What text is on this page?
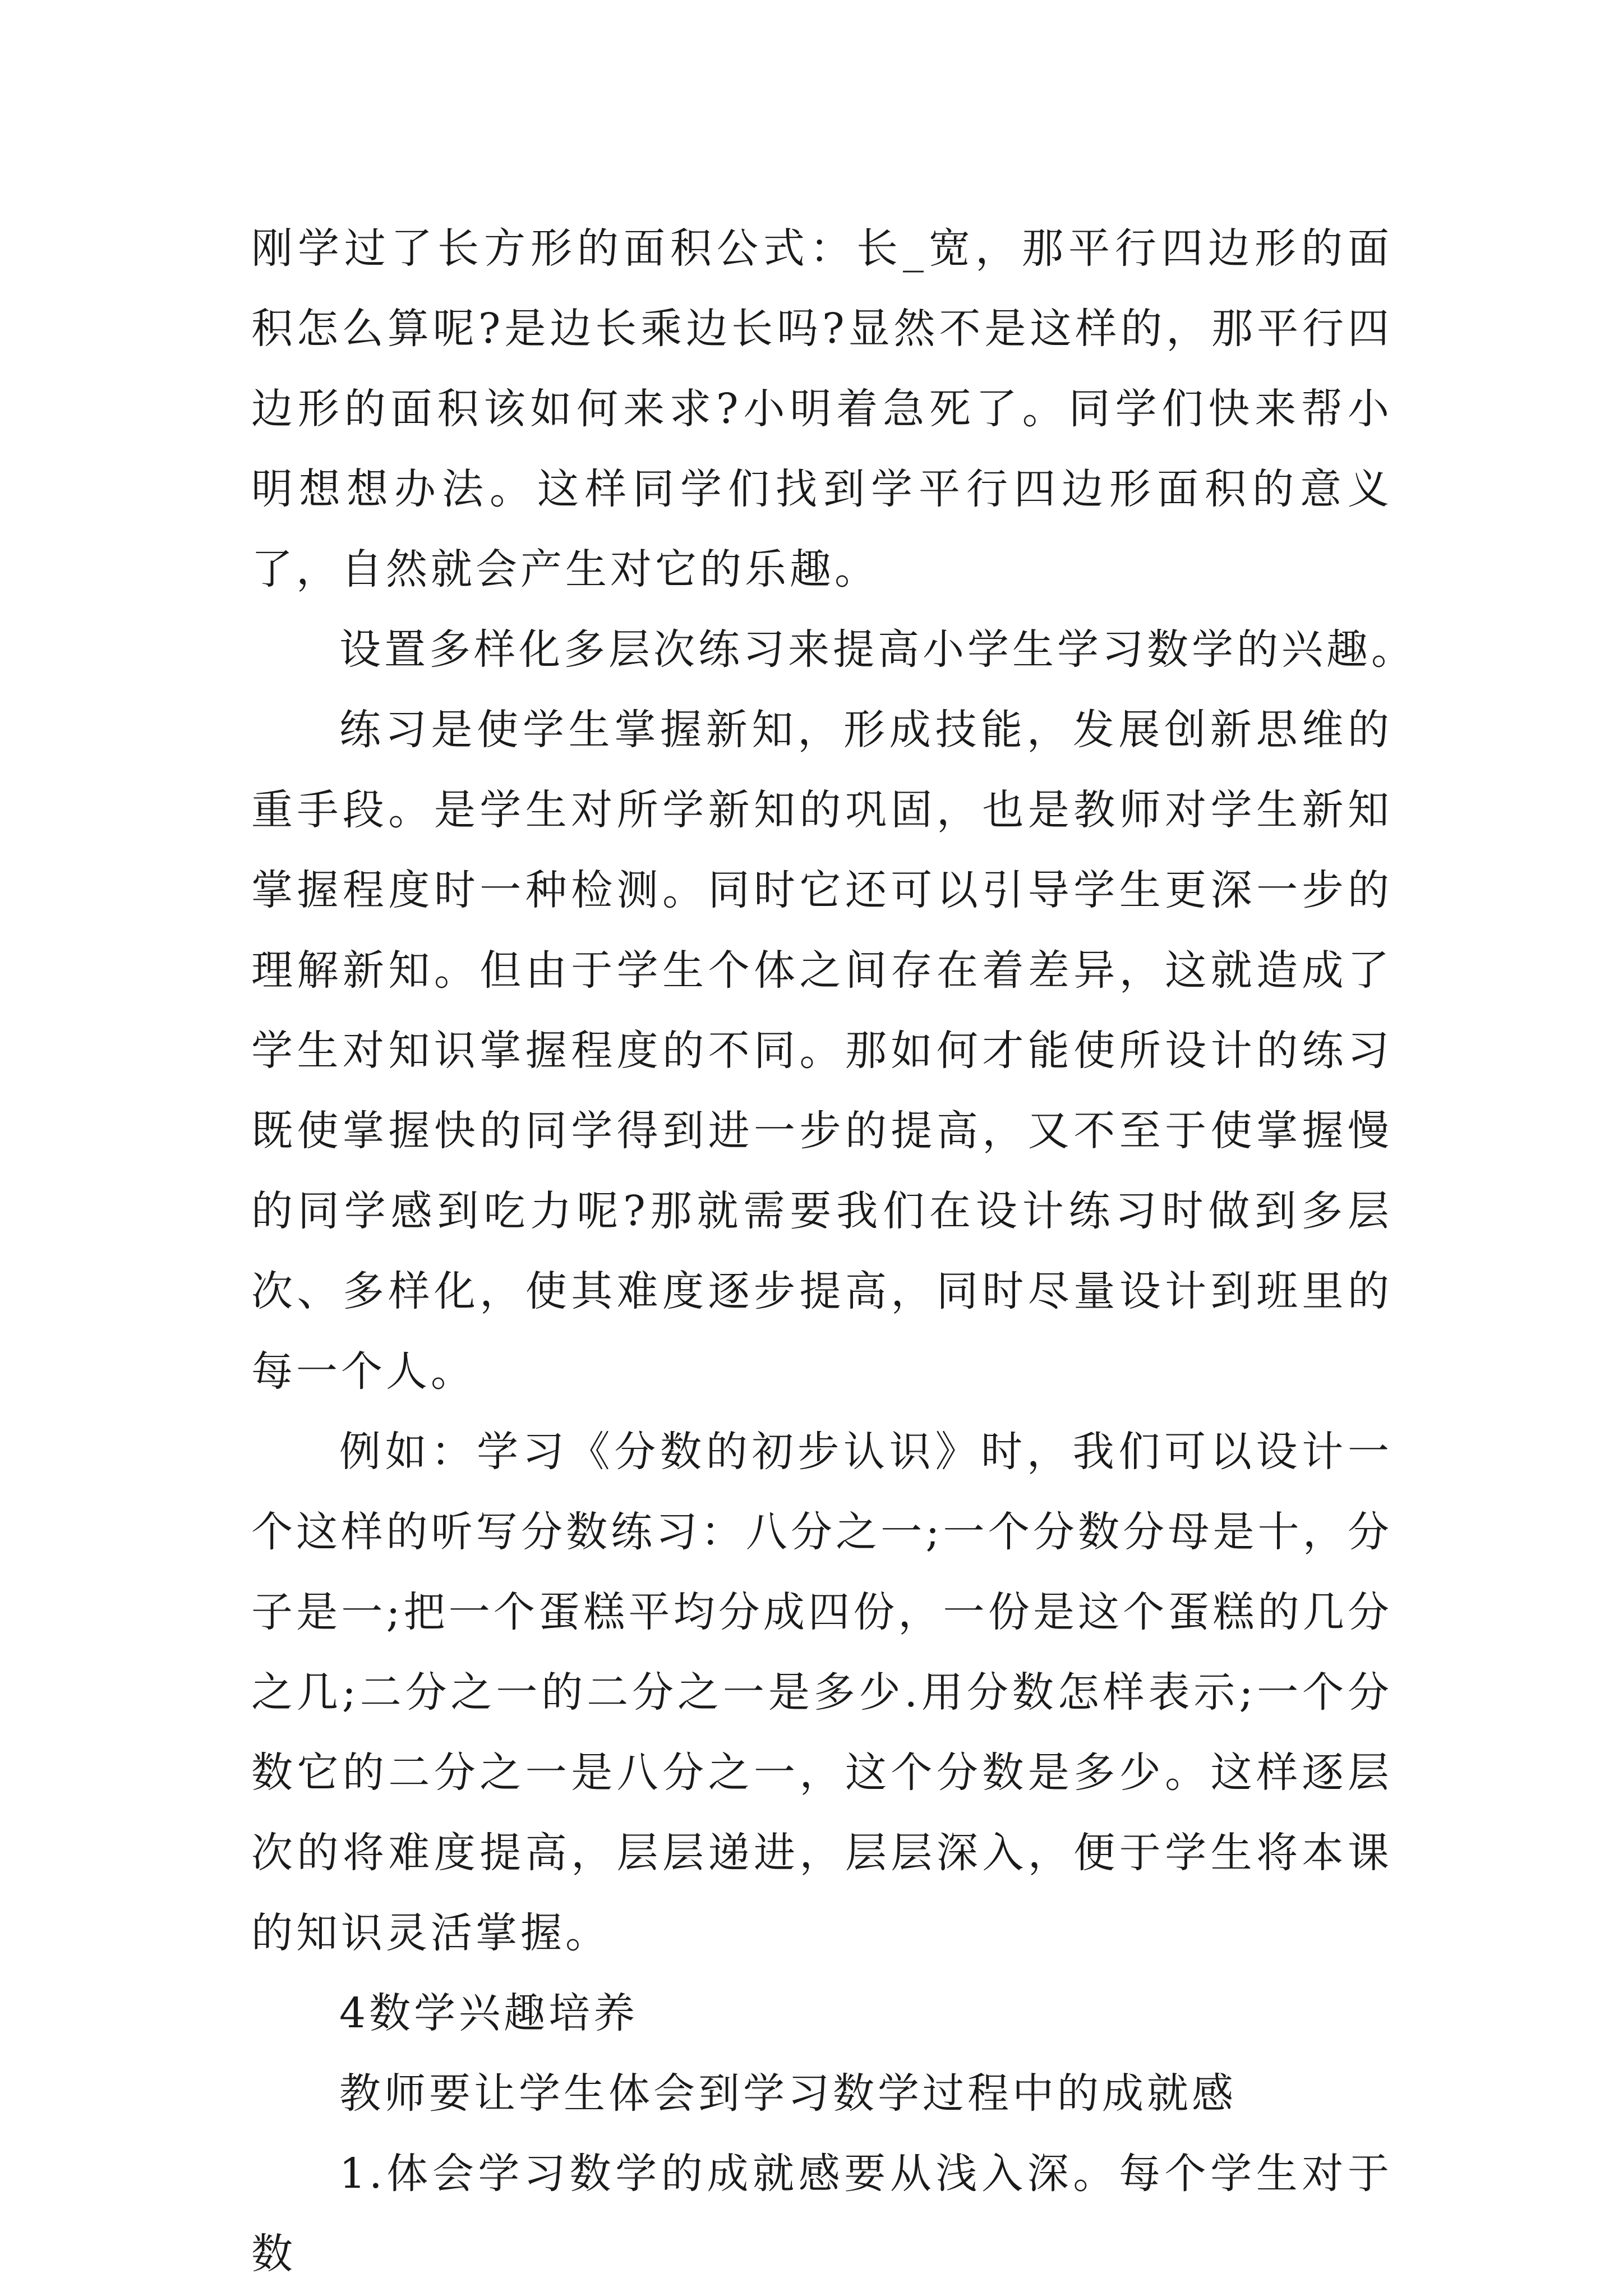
刚学过了长方形的面积公式：长_宽，那平行四边形的面积怎么算呢?是边长乘边长吗?显然不是这样的，那平行四边形的面积该如何来求?小明着急死了。同学们快来帮小明想想办法。这样同学们找到学平行四边形面积的意义了，自然就会产生对它的乐趣。

设置多样化多层次练习来提高小学生学习数学的兴趣。

练习是使学生掌握新知，形成技能，发展创新思维的重手段。是学生对所学新知的巩固，也是教师对学生新知掌握程度时一种检测。同时它还可以引导学生更深一步的理解新知。但由于学生个体之间存在着差异，这就造成了学生对知识掌握程度的不同。那如何才能使所设计的练习既使掌握快的同学得到进一步的提高，又不至于使掌握慢的同学感到吃力呢?那就需要我们在设计练习时做到多层次、多样化，使其难度逐步提高，同时尽量设计到班里的每一个人。

例如：学习《分数的初步认识》时，我们可以设计一个这样的听写分数练习：八分之一;一个分数分母是十，分子是一;把一个蛋糕平均分成四份，一份是这个蛋糕的几分之几;二分之一的二分之一是多少.用分数怎样表示;一个分数它的二分之一是八分之一，这个分数是多少。这样逐层次的将难度提高，层层递进，层层深入，便于学生将本课的知识灵活掌握。

4数学兴趣培养

教师要让学生体会到学习数学过程中的成就感

1.体会学习数学的成就感要从浅入深。每个学生对于数
